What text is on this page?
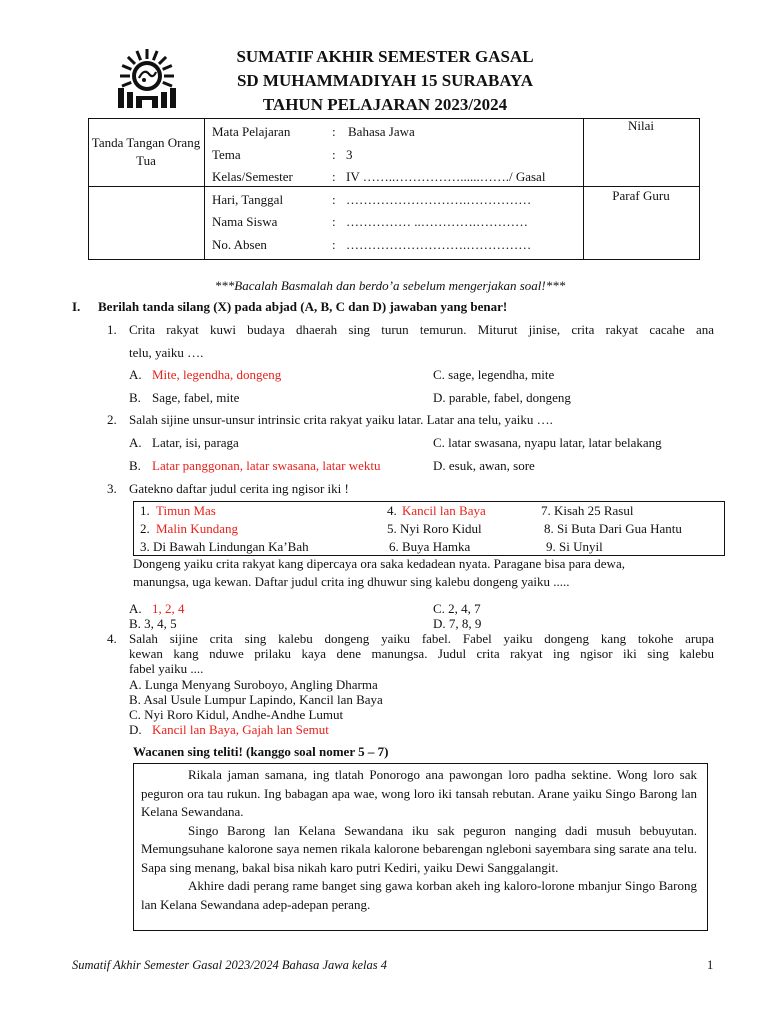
SUMATIF AKHIR SEMESTER GASAL
SD MUHAMMADIYAH 15 SURABAYA
TAHUN PELAJARAN 2023/2024
Tanda Tangan Orang Tua
Nilai
Paraf Guru
Mata Pelajaran	: Bahasa Jawa
Tema	: 3
Kelas/Semester	: IV ……..……………......……./ Gasal
Hari, Tanggal	: ……………………….……………
Nama Siswa	: …………… ..………….…………
No. Absen	: ……………………….……………
***Bacalah Basmalah dan berdo’a sebelum mengerjakan soal!***
I. Berilah tanda silang (X) pada abjad (A, B, C dan D) jawaban yang benar!
1. Crita rakyat kuwi budaya dhaerah sing turun temurun. Miturut jinise, crita rakyat cacahe ana
telu, yaiku ….
A. Mite, legendha, dongeng
B. Sage, fabel, mite
C. sage, legendha, mite
D. parable, fabel, dongeng
2. Salah sijine unsur-unsur intrinsic crita rakyat yaiku latar. Latar ana telu, yaiku ….
A. Latar, isi, paraga
B. Latar panggonan, latar swasana, latar wektu
C. latar swasana, nyapu latar, latar belakang
D. esuk, awan, sore
3. Gatekno daftar judul cerita ing ngisor iki !
1. Timun Mas	4. Kancil lan Baya	7. Kisah 25 Rasul
2. Malin Kundang	5. Nyi Roro Kidul	8. Si Buta Dari Gua Hantu
3. Di Bawah Lindungan Ka’Bah	6. Buya Hamka	9. Si Unyil
Dongeng yaiku crita rakyat kang dipercaya ora saka kedadean nyata. Paragane bisa para dewa,
manungsa, uga kewan. Daftar judul crita ing dhuwur sing kalebu dongeng yaiku .....
A. 1, 2, 4
B. 3, 4, 5
C. 2, 4, 7
D. 7, 8, 9
4. Salah sijine crita sing kalebu dongeng yaiku fabel. Fabel yaiku dongeng kang tokohe arupa
kewan kang nduwe prilaku kaya dene manungsa. Judul crita rakyat ing ngisor iki sing kalebu
fabel yaiku ....
A. Lunga Menyang Suroboyo, Angling Dharma
B. Asal Usule Lumpur Lapindo, Kancil lan Baya
C. Nyi Roro Kidul, Andhe-Andhe Lumut
D. Kancil lan Baya, Gajah lan Semut
Wacanen sing teliti! (kanggo soal nomer 5 – 7)
Rikala jaman samana, ing tlatah Ponorogo ana pawongan loro padha sektine. Wong loro sak peguron ora tau rukun. Ing babagan apa wae, wong loro iki tansah rebutan. Arane yaiku Singo Barong lan Kelana Sewandana.
Singo Barong lan Kelana Sewandana iku sak peguron nanging dadi musuh bebuyutan. Memungsuhane kalorone saya nemen rikala kalorone bebarengan ngleboni sayembara sing sarate ana telu. Sapa sing menang, bakal bisa nikah karo putri Kediri, yaiku Dewi Sanggalangit.
Akhire dadi perang rame banget sing gawa korban akeh ing kaloro-lorone mbanjur Singo Barong lan Kelana Sewandana adep-adepan perang.
Sumatif Akhir Semester Gasal 2023/2024 Bahasa Jawa kelas 4	1
